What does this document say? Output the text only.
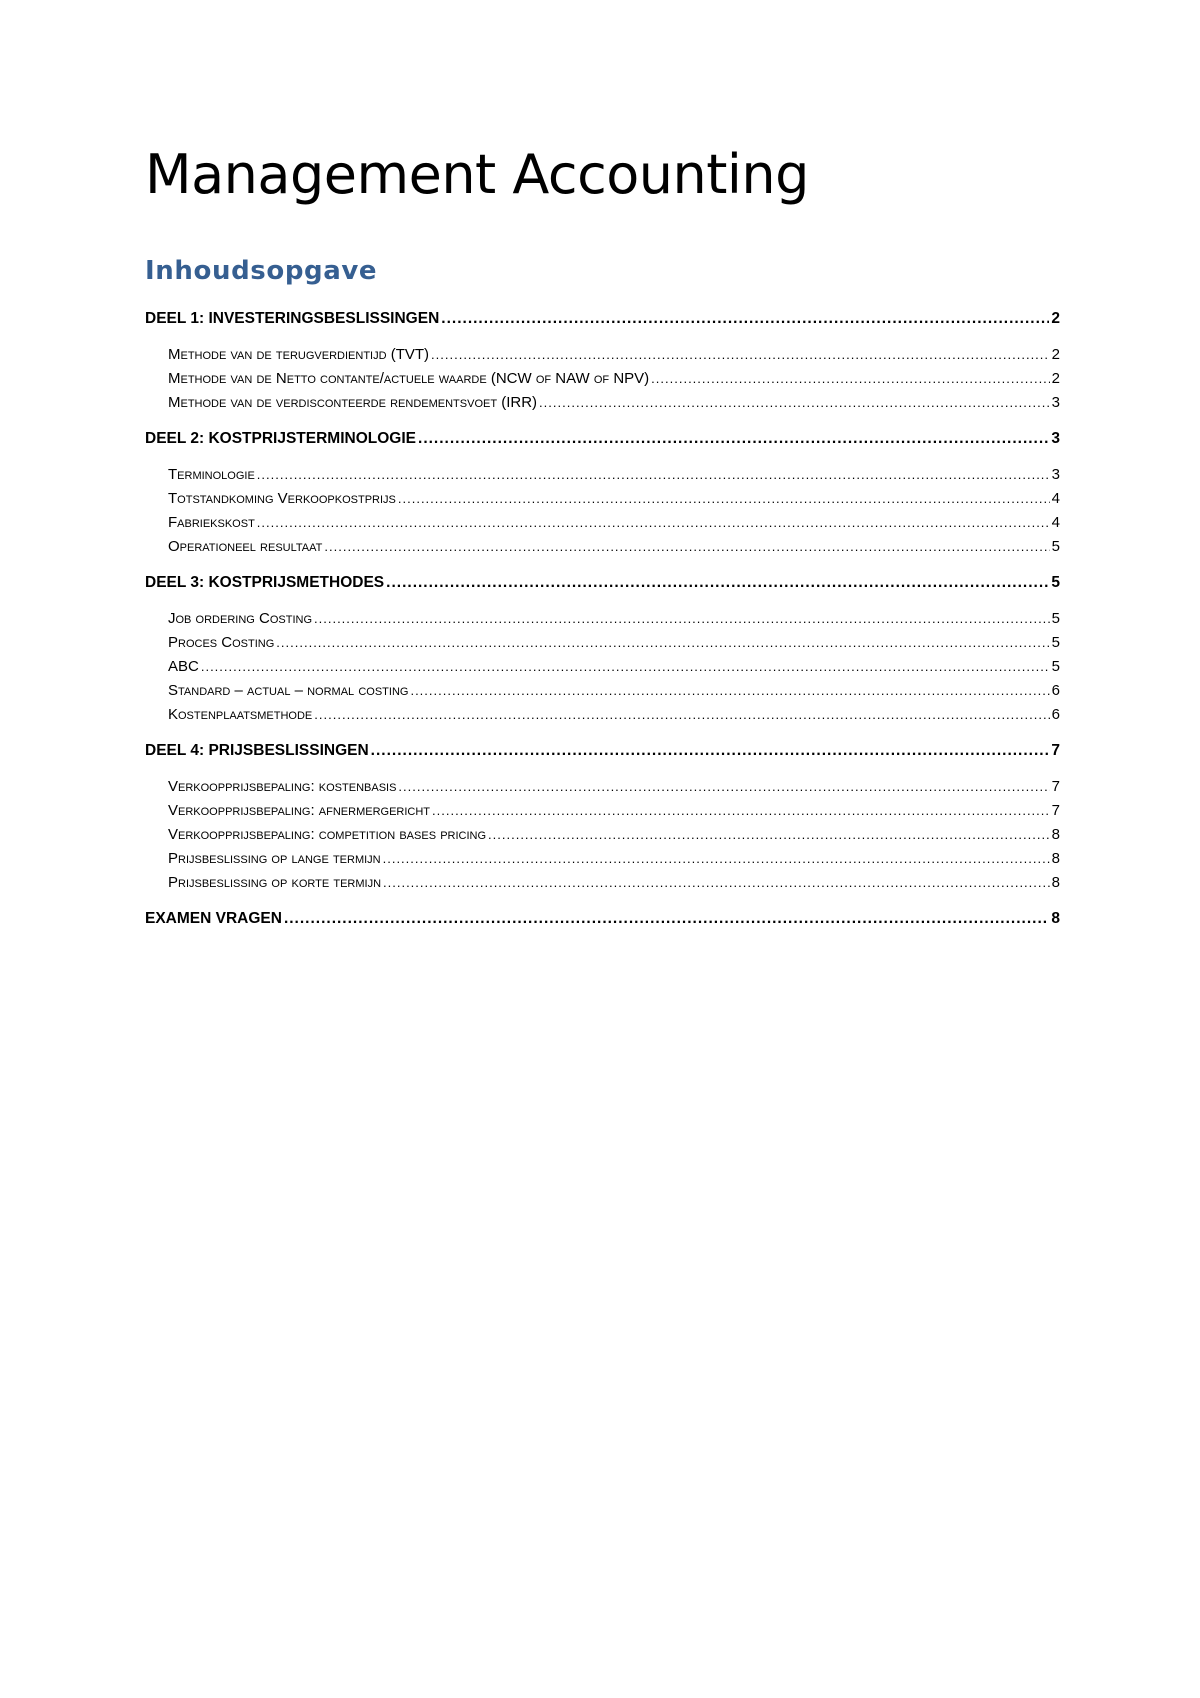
Management Accounting
Inhoudsopgave
DEEL 1: INVESTERINGSBESLISSINGEN .....	2
Methode van de terugverdientijd (TVT) .....	2
Methode van de Netto contante/actuele waarde (NCW of NAW of NPV) .....	2
Methode van de verdisconteerde rendementsvoet (IRR) .....	3
DEEL 2: KOSTPRIJSTERMINOLOGIE .....	3
Terminologie .....	3
Totstandkoming Verkoopkostprijs .....	4
Fabriekskost .....	4
Operationeel resultaat .....	5
DEEL 3: KOSTPRIJSMETHODES .....	5
Job ordering Costing .....	5
Proces Costing .....	5
ABC .....	5
Standard – actual – normal costing .....	6
Kostenplaatsmethode .....	6
DEEL 4: PRIJSBESLISSINGEN .....	7
Verkoopprijsbepaling: kostenbasis .....	7
Verkoopprijsbepaling: afnermergericht .....	7
Verkoopprijsbepaling: competition bases pricing .....	8
Prijsbeslissing op lange termijn .....	8
Prijsbeslissing op korte termijn .....	8
EXAMEN VRAGEN .....	8
